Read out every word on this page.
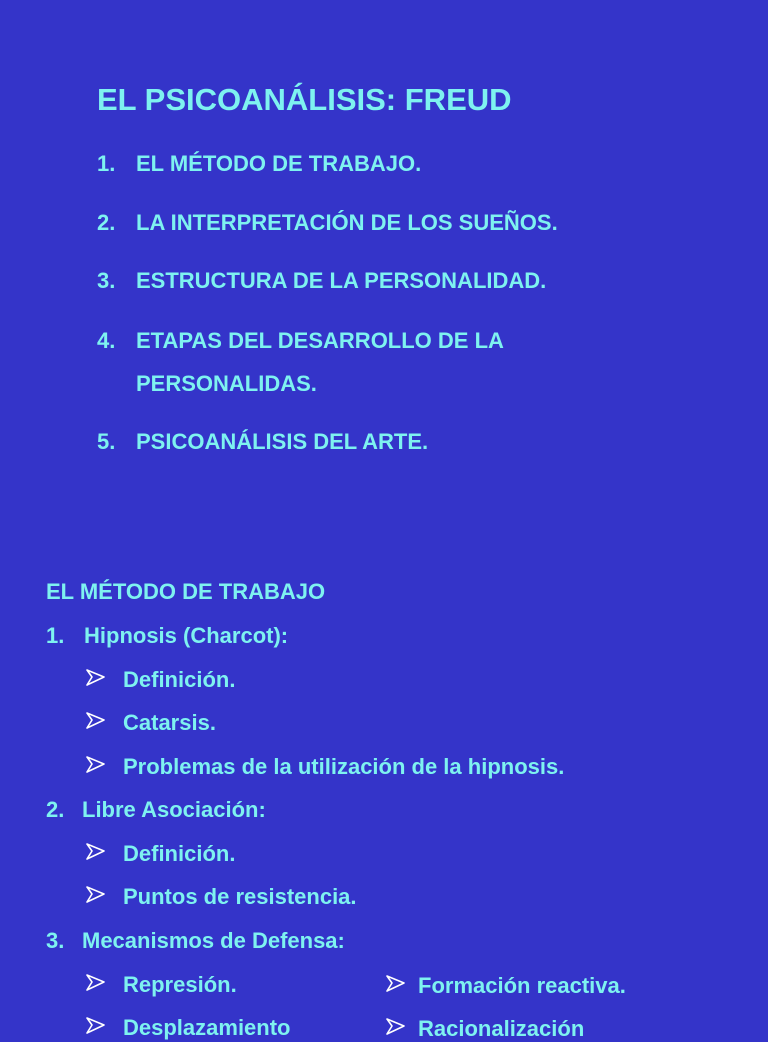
EL PSICOANÁLISIS: FREUD
1. EL MÉTODO DE TRABAJO.
2. LA INTERPRETACIÓN DE LOS SUEÑOS.
3. ESTRUCTURA DE LA PERSONALIDAD.
4. ETAPAS DEL DESARROLLO DE LA
PERSONALIDAS.
5. PSICOANÁLISIS DEL ARTE.
EL MÉTODO DE TRABAJO
1. Hipnosis (Charcot):
Definición.
Catarsis.
Problemas de la utilización de la hipnosis.
2. Libre Asociación:
Definición.
Puntos de resistencia.
3. Mecanismos de Defensa:
Represión.	Formación reactiva.
Desplazamiento	Racionalización
